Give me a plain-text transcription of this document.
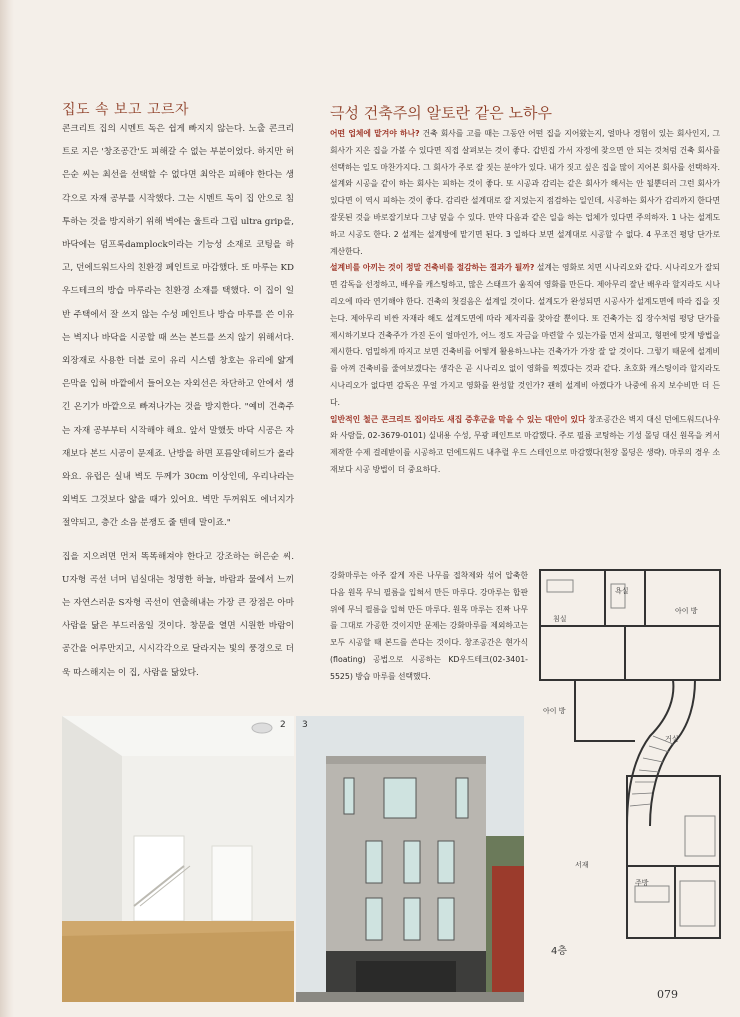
집도 속 보고 고르자

콘크리트 집의 시멘트 독은 쉽게 빠지지 않는다. 노출 콘크리트로 지은 '창조공간'도 피해갈 수 없는 부분이었다. 하지만 허은순 씨는 최선을 선택할 수 없다면 최악은 피해야 한다는 생각으로 자재 공부를 시작했다. 그는 시멘트 독이 집 안으로 침투하는 것을 방지하기 위해 벽에는 울트라 그립 ultra grip을, 바닥에는 덤프록damplock이라는 기능성 소재로 코팅을 하고, 던에드워드사의 친환경 페인트로 마감했다. 또 마루는 KD우드테크의 방습 마루라는 친환경 소재를 택했다. 이 집이 일반 주택에서 잘 쓰지 않는 수성 페인트나 방습 마루를 쓴 이유는 벽지나 바닥을 시공할 때 쓰는 본드를 쓰지 않기 위해서다. 외장재로 사용한 더블 로이 유리 시스템 창호는 유리에 얇게 은막을 입혀 바깥에서 들어오는 자외선은 차단하고 안에서 생긴 온기가 바깥으로 빠져나가는 것을 방지한다. "예비 건축주는 자재 공부부터 시작해야 해요. 앞서 말했듯 바닥 시공은 자재보다 본드 시공이 문제죠. 난방을 하면 포름알데히드가 올라와요. 유럽은 실내 벽도 두께가 30cm 이상인데, 우리나라는 외벽도 그것보다 얇을 때가 있어요. 벽만 두꺼워도 에너지가 절약되고, 층간 소음 분쟁도 줄 텐데 말이죠."

집을 지으려면 먼저 똑똑해져야 한다고 강조하는 허은순 씨. U자형 곡선 너머 넘실대는 청명한 하늘, 바람과 물에서 느끼는 자연스러운 S자형 곡선이 연출해내는 가장 큰 장점은 아마 사람을 닮은 부드러움일 것이다. 창문을 열면 시원한 바람이 공간을 어루만지고, 시시각각으로 달라지는 빛의 풍경으로 더욱 따스해지는 이 집, 사람을 닮았다.

극성 건축주의 알토란 같은 노하우

어떤 업체에 맡겨야 하나? 건축 회사를 고를 때는 그동안 어떤 집을 지어왔는지, 얼마나 경험이 있는 회사인지, 그 회사가 지은 집을 가볼 수 있다면 직접 살펴보는 것이 좋다. 갑빈집 가서 자정에 찾으면 안 되는 것처럼 건축 회사를 선택하는 일도 마찬가지다. 그 회사가 주로 잘 짓는 분야가 있다. 내가 짓고 싶은 집을 많이 지어본 회사를 선택하자. 설계와 시공을 같이 하는 회사는 피하는 것이 좋다. 또 시공과 감리는 같은 회사가 해서는 안 될뿐더러 그런 회사가 있다면 이 역시 피하는 것이 좋다. 감리란 설계대로 잘 지었는지 점검하는 일인데, 시공하는 회사가 감리까지 한다면 잘못된 것을 바로잡기보다 그냥 덮을 수 있다. 만약 다음과 같은 일을 하는 업체가 있다면 주의하자. 1 나는 설계도 하고 시공도 한다. 2 설계는 설계방에 맡기면 된다. 3 일하다 보면 설계대로 시공할 수 없다. 4 무조건 평당 단가로 계산한다.

설계비를 아끼는 것이 정말 건축비를 절감하는 결과가 될까? 설계는 영화로 치면 시나리오와 같다. 시나리오가 잘되면 감독을 선정하고, 배우를 캐스팅하고, 많은 스태프가 움직여 영화를 만든다. 제아무리 잘난 배우라 할지라도 시나리오에 따라 연기해야 한다. 건축의 첫걸음은 설계일 것이다. 설계도가 완성되면 시공사가 설계도면에 따라 집을 짓는다. 제아무리 비싼 자재라 해도 설계도면에 따라 제자리를 찾아갈 뿐이다. 또 건축가는 집 장수처럼 평당 단가를 제시하기보다 건축주가 가진 돈이 얼마인가, 어느 정도 자금을 마련할 수 있는가를 먼저 살피고, 형편에 맞게 방법을 제시한다. 엄밀하게 따지고 보면 건축비를 어떻게 활용하느냐는 건축가가 가장 잘 알 것이다. 그렇기 때문에 설계비를 아껴 건축비를 줄여보겠다는 생각은 곧 시나리오 없이 영화를 찍겠다는 것과 같다. 초호화 캐스팅이라 할지라도 시나리오가 없다면 감독은 무얼 가지고 영화를 완성할 것인가? 괜히 설계비 아꼈다가 나중에 유지 보수비만 더 든다.

일반적인 철근 콘크리트 집이라도 새집 증후군을 막을 수 있는 대안이 있다 창조공간은 벽지 대신 던에드워드(나우와 사람들, 02-3679-0101) 실내용 수성, 무광 페인트로 마감했다. 주로 필름 코팅하는 기성 몰딩 대신 원목을 켜서 제작한 수제 걸레받이를 시공하고 던에드워드 내추럴 우드 스테인으로 마감했다(천장 몰딩은 생략). 마루의 경우 소재보다 시공 방법이 더 중요하다.

강화마루는 아주 잘게 자른 나무를 접착제와 섞어 압축한 다음 원목 무늬 필름을 입혀서 만든 마루다. 강마루는 합판 위에 무늬 필름을 입혀 만든 마루다. 원목 마루는 진짜 나무를 그대로 가공한 것이지만 문제는 강화마루를 제외하고는 모두 시공할 때 본드를 쓴다는 것이다. 창조공간은 현가식(floating) 공법으로 시공하는 KD우드테크(02-3401-5525) 방습 마루를 선택했다.
2 3
욕실
아이 방
침실
아이 방
거실
서재
주방
4층
079
